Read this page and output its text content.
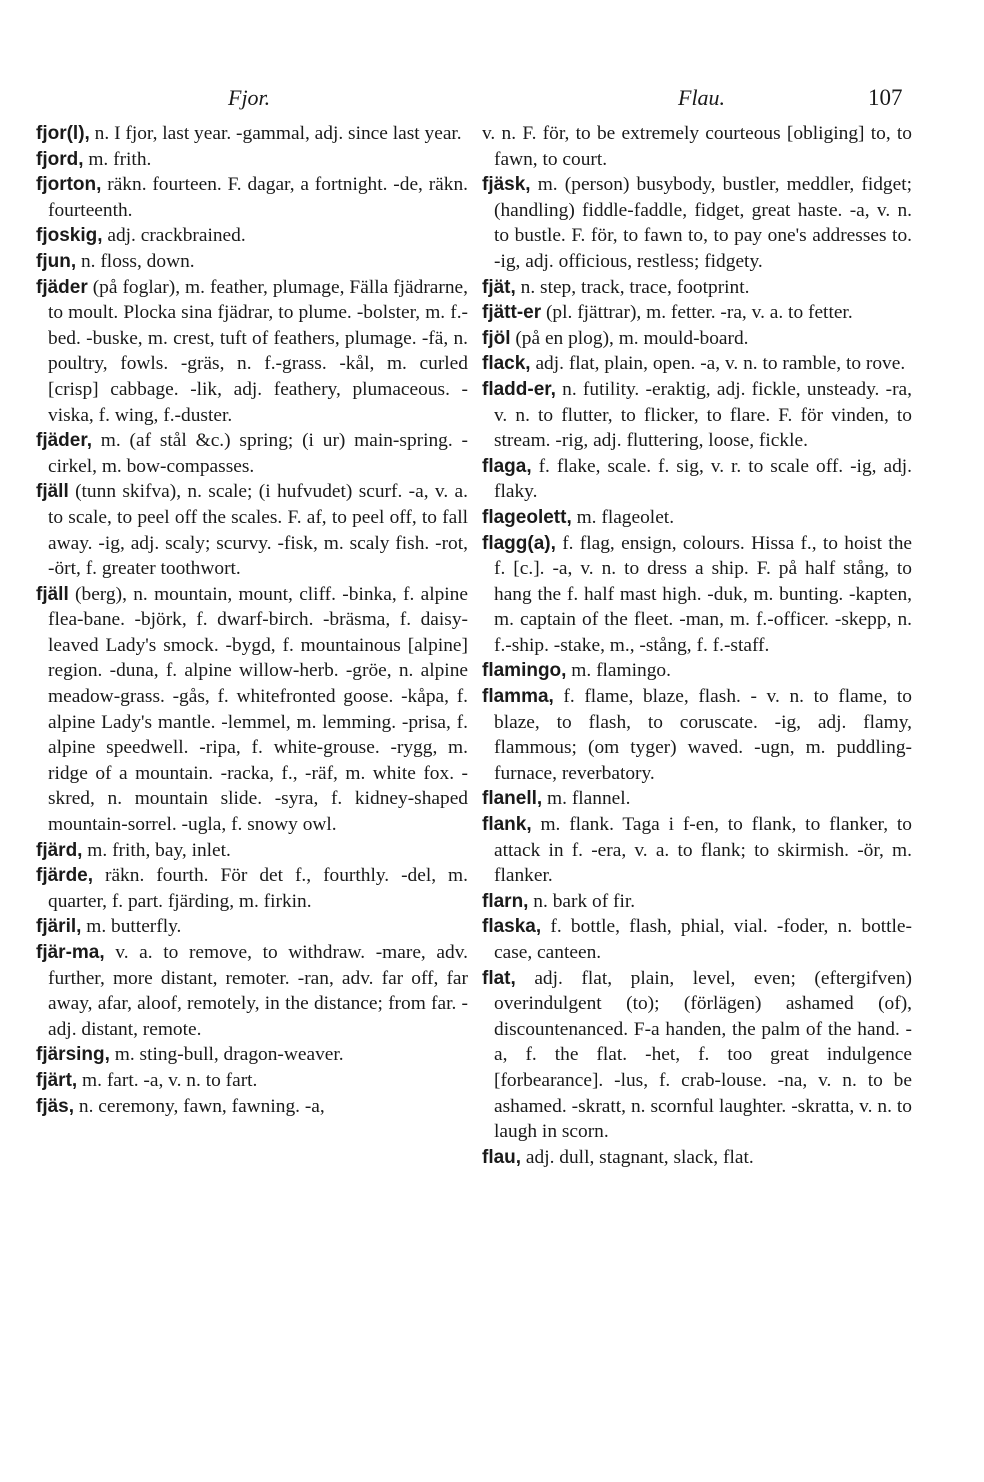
Fjor.	Flau.	107

fjor(l), n. I fjor, last year. -gammal, adj. since last year.

fjord, m. frith.

fjorton, räkn. fourteen. F. dagar, a fortnight. -de, räkn. fourteenth.

fjoskig, adj. crackbrained.

fjun, n. floss, down.

fjäder (på foglar), m. feather, plumage, Fälla fjädrarne, to moult. Plocka sina fjädrar, to plume. -bolster, m. f.-bed. -buske, m. crest, tuft of feathers, plumage. -fä, n. poultry, fowls. -gräs, n. f.-grass. -kål, m. curled [crisp] cabbage. -lik, adj. feathery, plumaceous. -viska, f. wing, f.-duster.

fjäder, m. (af stål &c.) spring; (i ur) main-spring. -cirkel, m. bow-compasses.

fjäll (tunn skifva), n. scale; (i hufvudet) scurf. -a, v. a. to scale, to peel off the scales. F. af, to peel off, to fall away. -ig, adj. scaly; scurvy. -fisk, m. scaly fish. -rot, -ört, f. greater toothwort.

fjäll (berg), n. mountain, mount, cliff. -binka, f. alpine flea-bane. -björk, f. dwarf-birch. -bräsma, f. daisy-leaved Lady's smock. -bygd, f. mountainous [alpine] region. -duna, f. alpine willow-herb. -gröe, n. alpine meadow-grass. -gås, f. whitefronted goose. -kåpa, f. alpine Lady's mantle. -lemmel, m. lemming. -prisa, f. alpine speedwell. -ripa, f. white-grouse. -rygg, m. ridge of a mountain. -racka, f., -räf, m. white fox. -skred, n. mountain slide. -syra, f. kidney-shaped mountain-sorrel. -ugla, f. snowy owl.

fjärd, m. frith, bay, inlet.

fjärde, räkn. fourth. För det f., fourthly. -del, m. quarter, f. part. fjärding, m. firkin.

fjäril, m. butterfly.

fjär-ma, v. a. to remove, to withdraw. -mare, adv. further, more distant, remoter. -ran, adv. far off, far away, afar, aloof, remotely, in the distance; from far. - adj. distant, remote.

fjärsing, m. sting-bull, dragon-weaver.

fjärt, m. fart. -a, v. n. to fart.

fjäs, n. ceremony, fawn, fawning. -a,

v. n. F. för, to be extremely courteous [obliging] to, to fawn, to court.

fjäsk, m. (person) busybody, bustler, meddler, fidget; (handling) fiddle-faddle, fidget, great haste. -a, v. n. to bustle. F. för, to fawn to, to pay one's addresses to. -ig, adj. officious, restless; fidgety.

fjät, n. step, track, trace, footprint.

fjätt-er (pl. fjättrar), m. fetter. -ra, v. a. to fetter.

fjöl (på en plog), m. mould-board.

flack, adj. flat, plain, open. -a, v. n. to ramble, to rove.

fladd-er, n. futility. -eraktig, adj. fickle, unsteady. -ra, v. n. to flutter, to flicker, to flare. F. för vinden, to stream. -rig, adj. fluttering, loose, fickle.

flaga, f. flake, scale. f. sig, v. r. to scale off. -ig, adj. flaky.

flageolett, m. flageolet.

flagg(a), f. flag, ensign, colours. Hissa f., to hoist the f. [c.]. -a, v. n. to dress a ship. F. på half stång, to hang the f. half mast high. -duk, m. bunting. -kapten, m. captain of the fleet. -man, m. f.-officer. -skepp, n. f.-ship. -stake, m., -stång, f. f.-staff.

flamingo, m. flamingo.

flamma, f. flame, blaze, flash. - v. n. to flame, to blaze, to flash, to coruscate. -ig, adj. flamy, flammous; (om tyger) waved. -ugn, m. puddling-furnace, reverbatory.

flanell, m. flannel.

flank, m. flank. Taga i f-en, to flank, to flanker, to attack in f. -era, v. a. to flank; to skirmish. -ör, m. flanker.

flarn, n. bark of fir.

flaska, f. bottle, flash, phial, vial. -foder, n. bottle-case, canteen.

flat, adj. flat, plain, level, even; (eftergifven) overindulgent (to); (förlägen) ashamed (of), discountenanced. F-a handen, the palm of the hand. -a, f. the flat. -het, f. too great indulgence [forbearance]. -lus, f. crab-louse. -na, v. n. to be ashamed. -skratt, n. scornful laughter. -skratta, v. n. to laugh in scorn.

flau, adj. dull, stagnant, slack, flat.
